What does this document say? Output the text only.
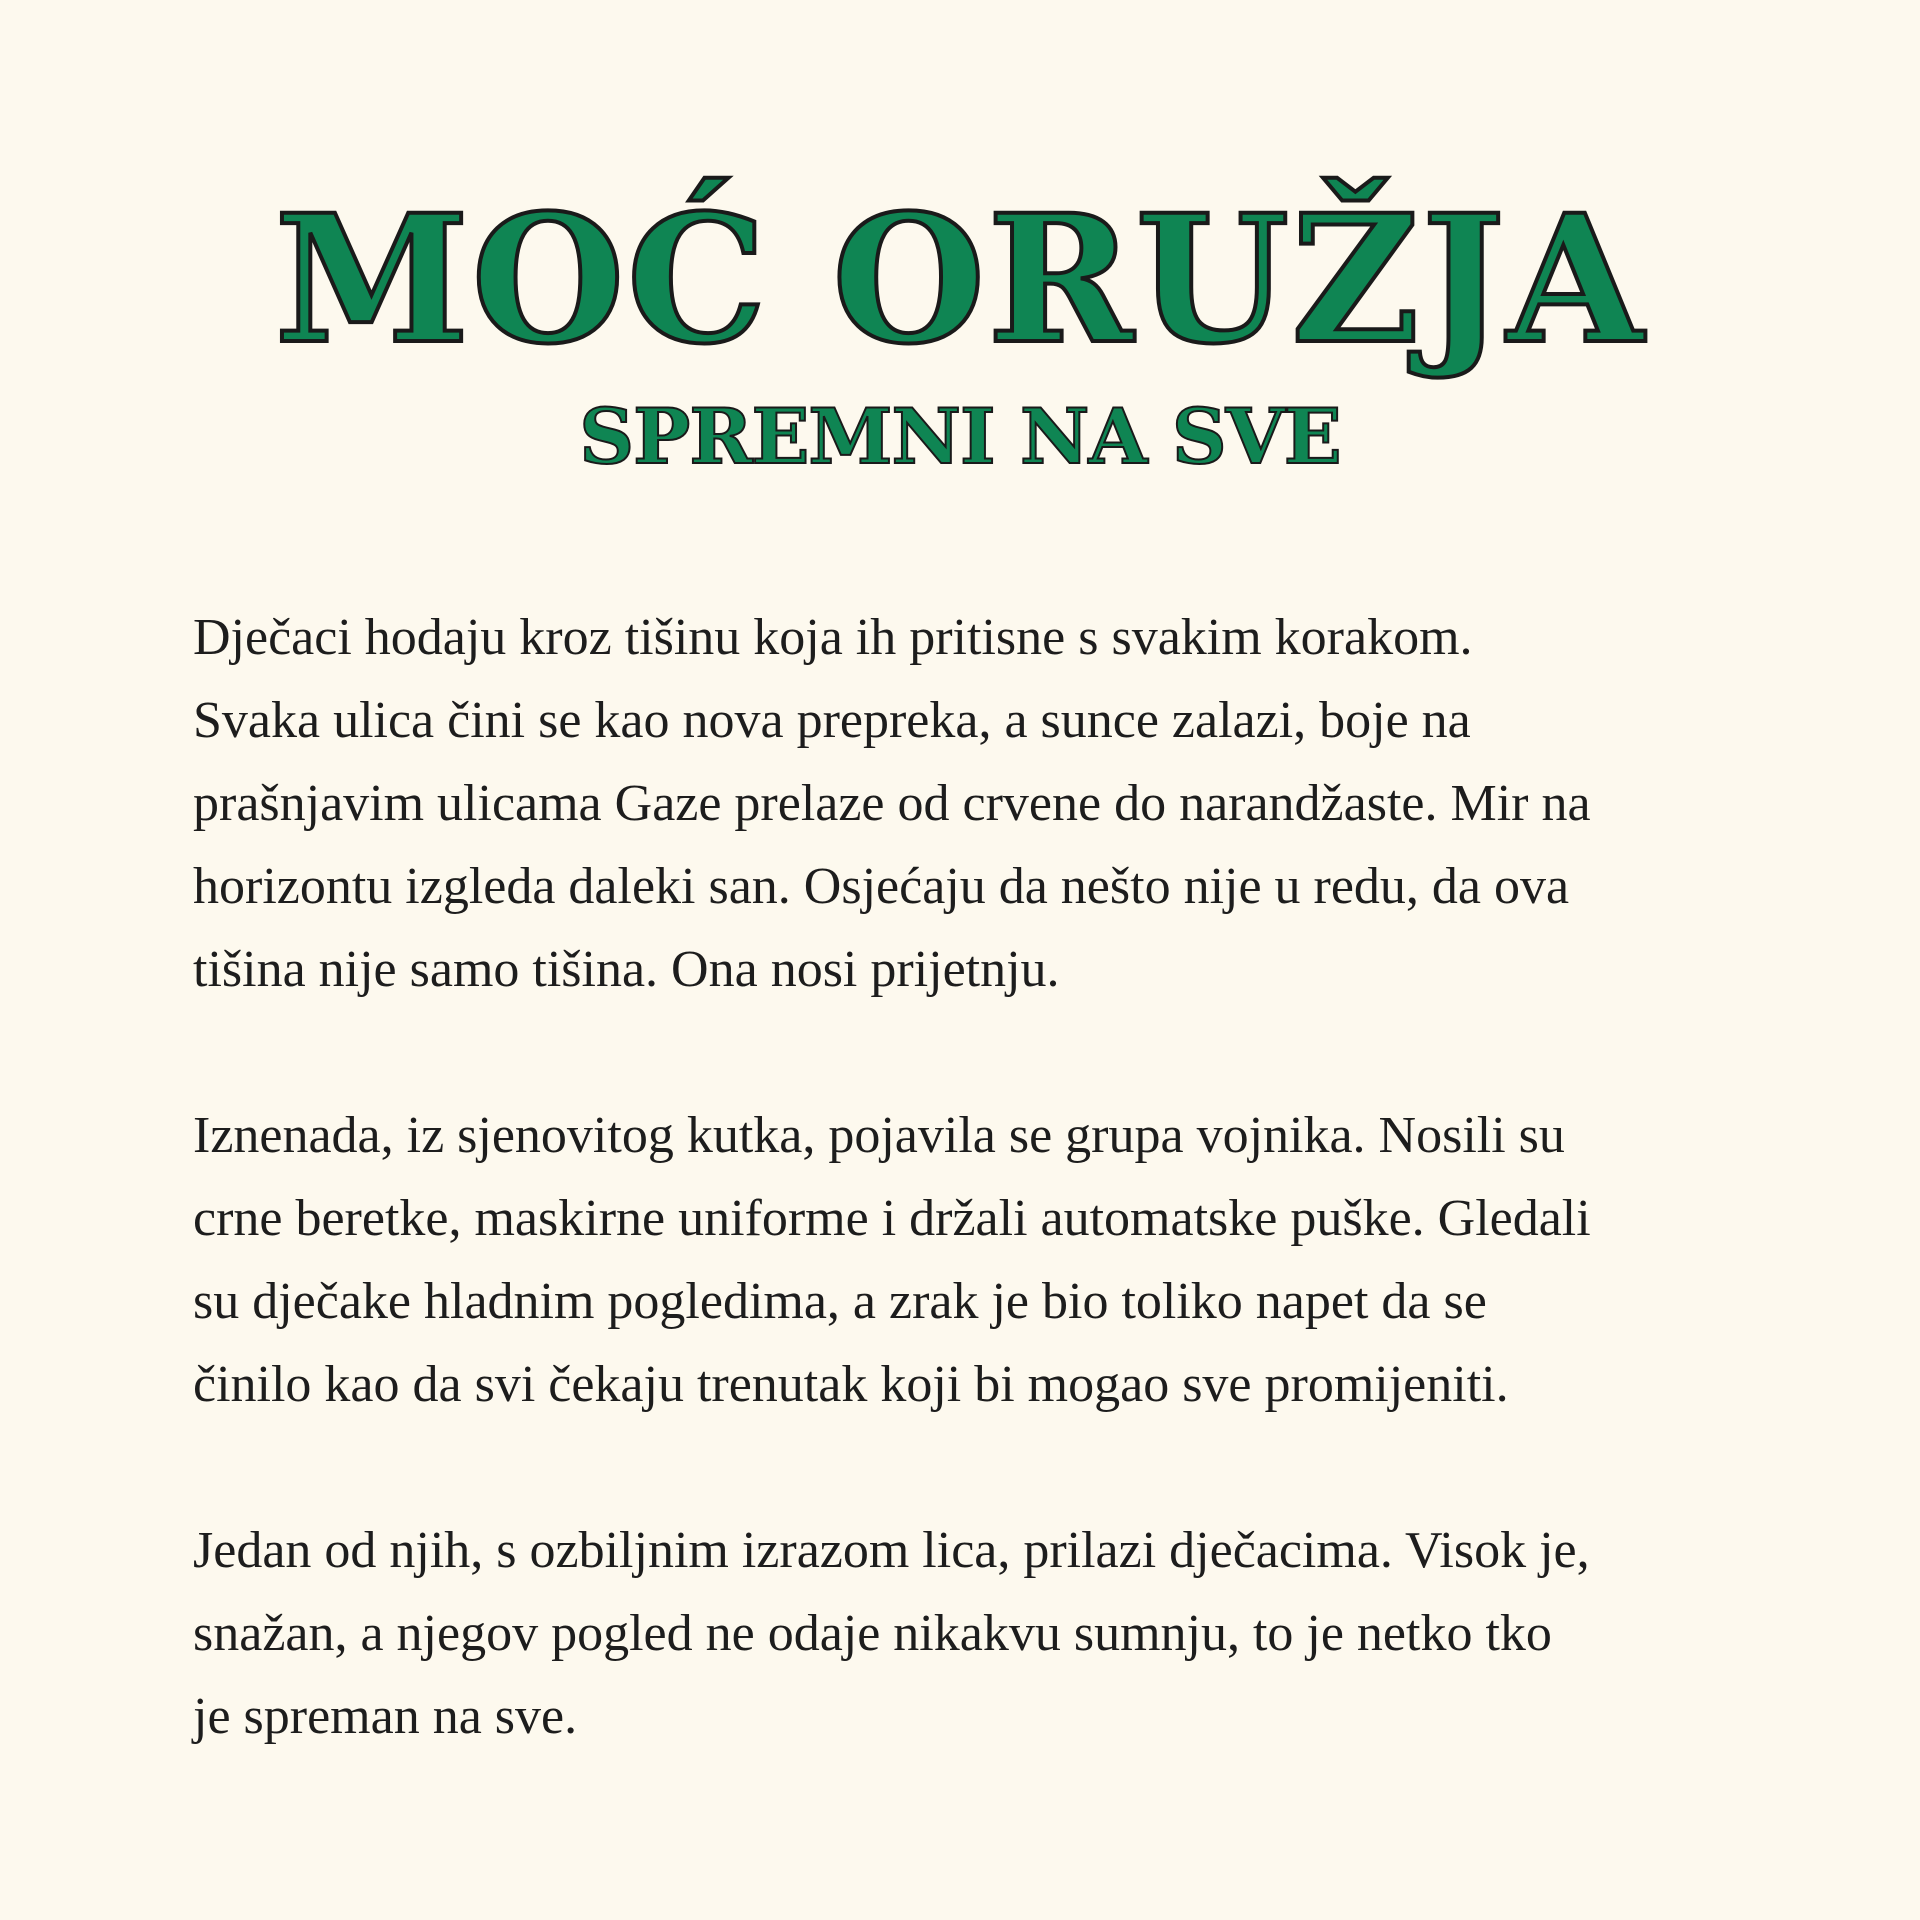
MOĆ ORUŽJA
SPREMNI NA SVE

Dječaci hodaju kroz tišinu koja ih pritisne s svakim korakom.
Svaka ulica čini se kao nova prepreka, a sunce zalazi, boje na
prašnjavim ulicama Gaze prelaze od crvene do narandžaste. Mir na
horizontu izgleda daleki san. Osjećaju da nešto nije u redu, da ova
tišina nije samo tišina. Ona nosi prijetnju.

Iznenada, iz sjenovitog kutka, pojavila se grupa vojnika. Nosili su
crne beretke, maskirne uniforme i držali automatske puške. Gledali
su dječake hladnim pogledima, a zrak je bio toliko napet da se
činilo kao da svi čekaju trenutak koji bi mogao sve promijeniti.

Jedan od njih, s ozbiljnim izrazom lica, prilazi dječacima. Visok je,
snažan, a njegov pogled ne odaje nikakvu sumnju, to je netko tko
je spreman na sve.
